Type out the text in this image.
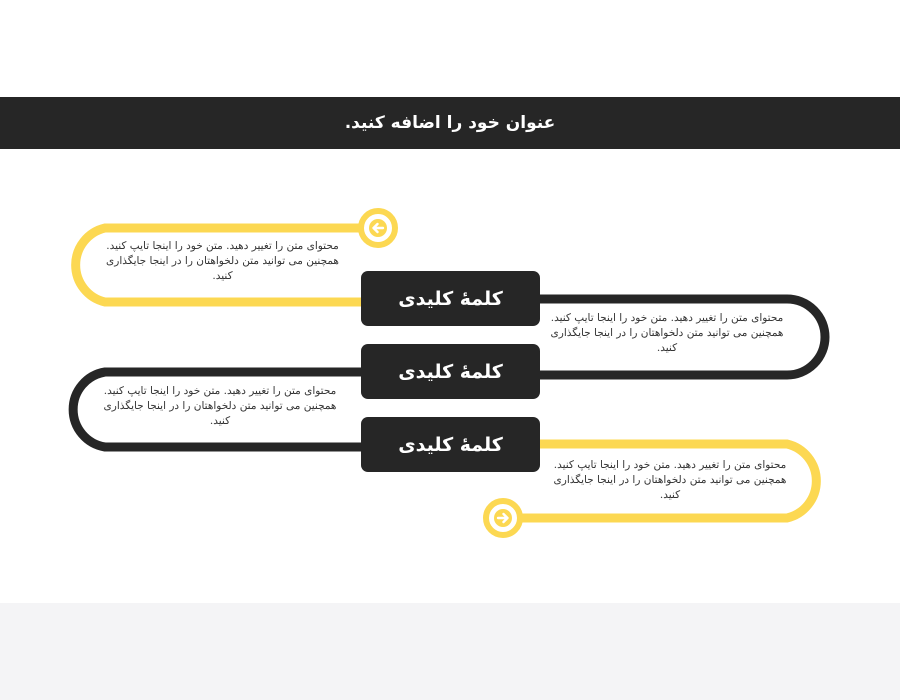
عنوان خود را اضافه کنید.
محتوای متن را تغییر دهید. متن خود را اینجا تایپ کنید. همچنین می توانید متن دلخواهتان را در اینجا جایگذاری کنید.
کلمهٔ کلیدی
کلمهٔ کلیدی
کلمهٔ کلیدی
محتوای متن را تغییر دهید. متن خود را اینجا تایپ کنید. همچنین می توانید متن دلخواهتان را در اینجا جایگذاری کنید.
محتوای متن را تغییر دهید. متن خود را اینجا تایپ کنید. همچنین می توانید متن دلخواهتان را در اینجا جایگذاری کنید.
محتوای متن را تغییر دهید. متن خود را اینجا تایپ کنید. همچنین می توانید متن دلخواهتان را در اینجا جایگذاری کنید.
